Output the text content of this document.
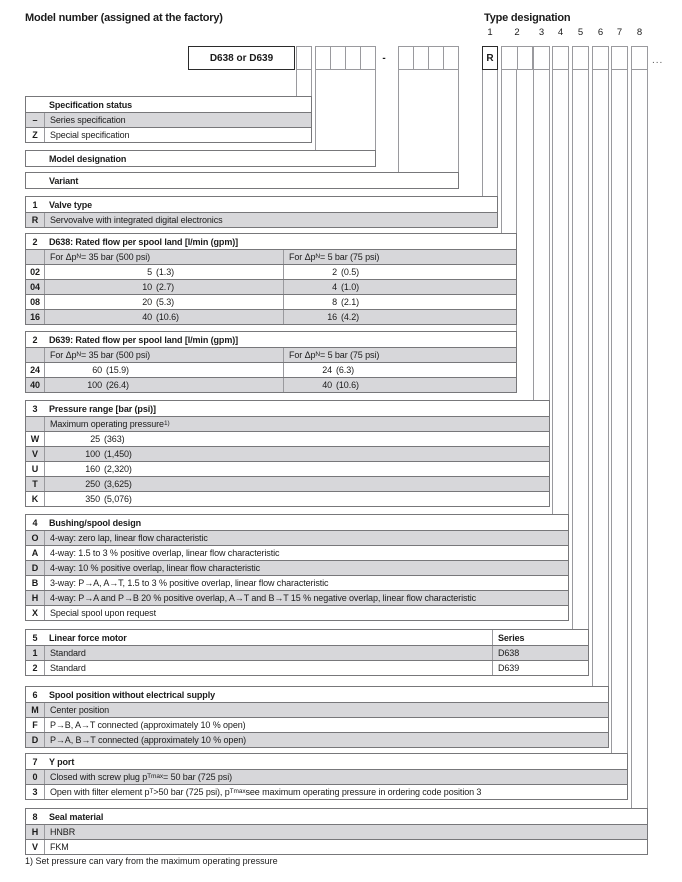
Model number (assigned at the factory)	Type designation
1	2	3	4	5	6	7	8
D638 or D639	-	R	...
Specification status
–	Series specification
Z	Special specification
Model designation
Variant
1	Valve type
R	Servovalve with integrated digital electronics
2	D638: Rated flow per spool land [l/min (gpm)]
For Δp N = 35 bar (500 psi)	For Δp N = 5 bar (75 psi)
02	5 (1.3)	2 (0.5)
04	10 (2.7)	4 (1.0)
08	20 (5.3)	8 (2.1)
16	40 (10.6)	16 (4.2)
2	D639: Rated flow per spool land [l/min (gpm)]
For Δp N = 35 bar (500 psi)	For Δp N = 5 bar (75 psi)
24	60 (15.9)	24 (6.3)
40	100 (26.4)	40 (10.6)
3	Pressure range [bar (psi)]
Maximum operating pressure 1)
W	25 (363)
V	100 (1,450)
U	160 (2,320)
T	250 (3,625)
K	350 (5,076)
4	Bushing/spool design
O	4-way: zero lap, linear flow characteristic
A	4-way: 1.5 to 3 % positive overlap, linear flow characteristic
D	4-way: 10 % positive overlap, linear flow characteristic
B	3-way: P→A, A→T, 1.5 to 3 % positive overlap, linear flow characteristic
H	4-way: P→A and P→B 20 % positive overlap, A→T and B→T 15 % negative overlap, linear flow characteristic
X	Special spool upon request
5	Linear force motor	Series
1	Standard	D638
2	Standard	D639
6	Spool position without electrical supply
M	Center position
F	P→B, A→T connected (approximately 10 % open)
D	P→A, B→T connected (approximately 10 % open)
7	Y port
0	Closed with screw plug p Tmax = 50 bar (725 psi)
3	Open with filter element p T >50 bar (725 psi), p Tmax see maximum operating pressure in ordering code position 3
8	Seal material
H	HNBR
V	FKM
1) Set pressure can vary from the maximum operating pressure
